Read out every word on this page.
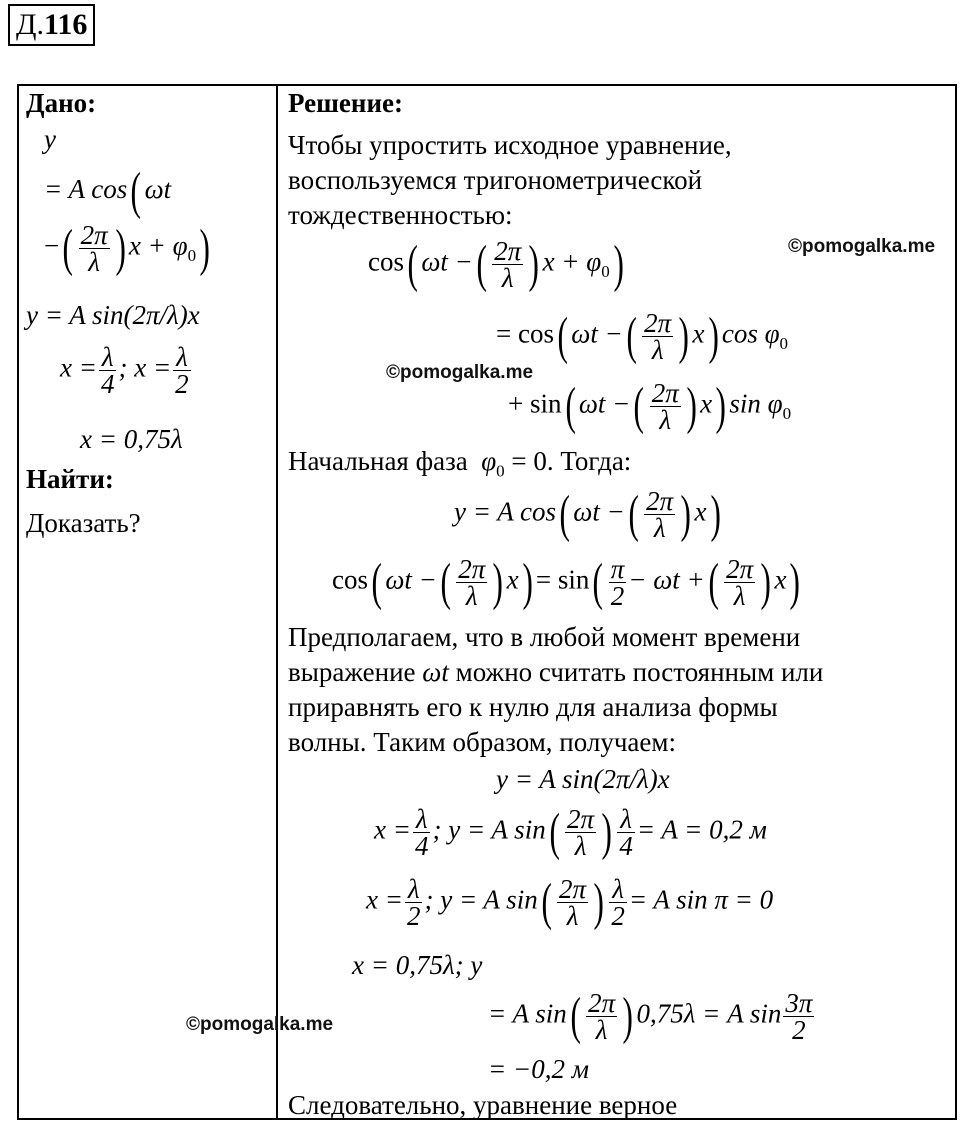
Д.116
Дано:
y
= A cos( ωt
−( $\frac{2\pi}{\lambda}$ ) $x + \varphi_0$)
y = A sin(2π/λ)x
$x = \frac{\lambda}{4}$ ; $x = \frac{\lambda}{2}$
x = 0,75λ
Найти:
Доказать?
Решение:
Чтобы упростить исходное уравнение,
воспользуемся тригонометрической
тождественностью:
cos( ωt −( $\frac{2\pi}{\lambda}$ ) $x + \varphi_0$)
= cos( ωt −( $\frac{2\pi}{\lambda}$ ) x) $\cos \varphi_0$
+ sin( ωt −( $\frac{2\pi}{\lambda}$ ) x) $\sin \varphi_0$
Начальная фаза $\varphi_0 = 0$. Тогда:
y = A cos( ωt −( $\frac{2\pi}{\lambda}$ ) x)
cos( ωt −( $\frac{2\pi}{\lambda}$ ) $x) = \sin( \frac{\pi}{2} - \omega t$ +( $\frac{2\pi}{\lambda}$ ) x)
Предполагаем, что в любой момент времени
выражение ωt можно считать постоянным или
приравнять его к нулю для анализа формы
волны. Таким образом, получаем:
y = A sin(2π/λ)x
$x = \frac{\lambda}{4}$ ; y = A $\sin( \frac{2\pi}{\lambda}$ ) $\frac{\lambda}{4} = A = 0,2$ м
$x = \frac{\lambda}{2}$ ; y = A $\sin( \frac{2\pi}{\lambda}$ ) $\frac{\lambda}{2} = A$ sin π = 0
x = 0,75λ; y
= A $\sin( \frac{2\pi}{\lambda}$ ) 0,75λ = A $\sin \frac{3\pi}{2}$
= −0,2 м
Следовательно, уравнение верное
©pomogalka.me
©pomogalka.me
©pomogalka.me
